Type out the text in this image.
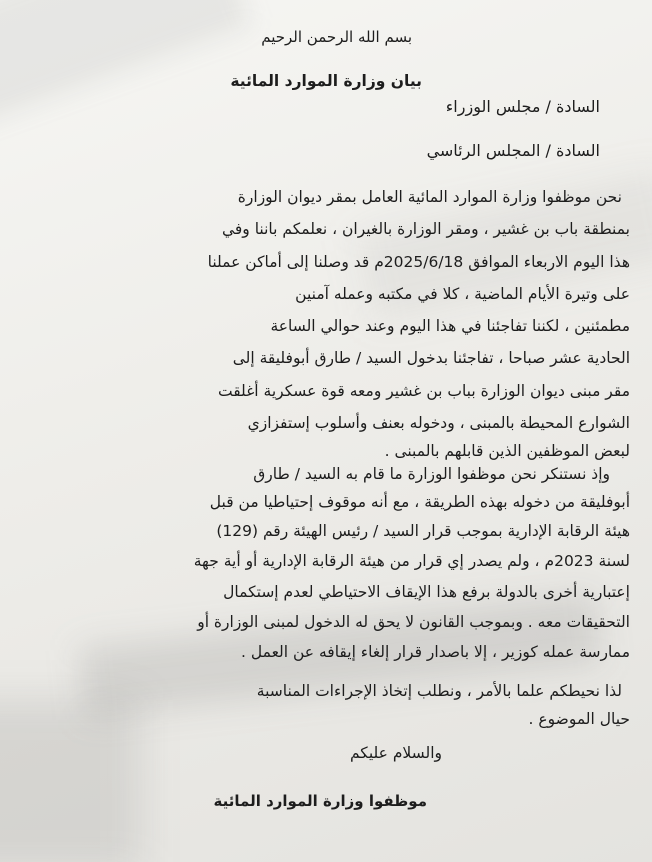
بسم الله الرحمن الرحيم
بيان وزارة الموارد المائية
السادة / مجلس الوزراء
السادة / المجلس الرئاسي
نحن موظفوا وزارة الموارد المائية العامل بمقر ديوان الوزارة
بمنطقة باب بن غشير ، ومقر الوزارة بالغيران ، نعلمكم باننا وفي
هذا اليوم الاربعاء الموافق 2025/6/18م قد وصلنا إلى أماكن عملنا
على وتيرة الأيام الماضية ، كلا في مكتبه وعمله آمنين
مطمئنين ، لكننا تفاجئنا في هذا اليوم وعند حوالي الساعة
الحادية عشر صباحا ، تفاجئنا بدخول السيد / طارق أبوفليقة إلى
مقر مبنى ديوان الوزارة بباب بن غشير ومعه قوة عسكرية أغلقت
الشوارع المحيطة بالمبنى ، ودخوله بعنف وأسلوب إستفزازي
لبعض الموظفين الذين قابلهم بالمبنى .
وإذ نستنكر نحن موظفوا الوزارة ما قام به السيد / طارق
أبوفليقة من دخوله بهذه الطريقة ، مع أنه موقوف إحتياطيا من قبل
هيئة الرقابة الإدارية بموجب قرار السيد / رئيس الهيئة رقم (129)
لسنة 2023م ، ولم يصدر إي قرار من هيئة الرقابة الإدارية أو أية جهة
إعتبارية أخرى بالدولة برفع هذا الإيقاف الاحتياطي لعدم إستكمال
التحقيقات معه . وبموجب القانون لا يحق له الدخول لمبنى الوزارة أو
ممارسة عمله كوزير ، إلا باصدار قرار إلغاء إيقافه عن العمل .
لذا نحيطكم علما بالأمر ، ونطلب إتخاذ الإجراءات المناسبة
حيال الموضوع .
والسلام عليكم
موظفوا وزارة الموارد المائية
